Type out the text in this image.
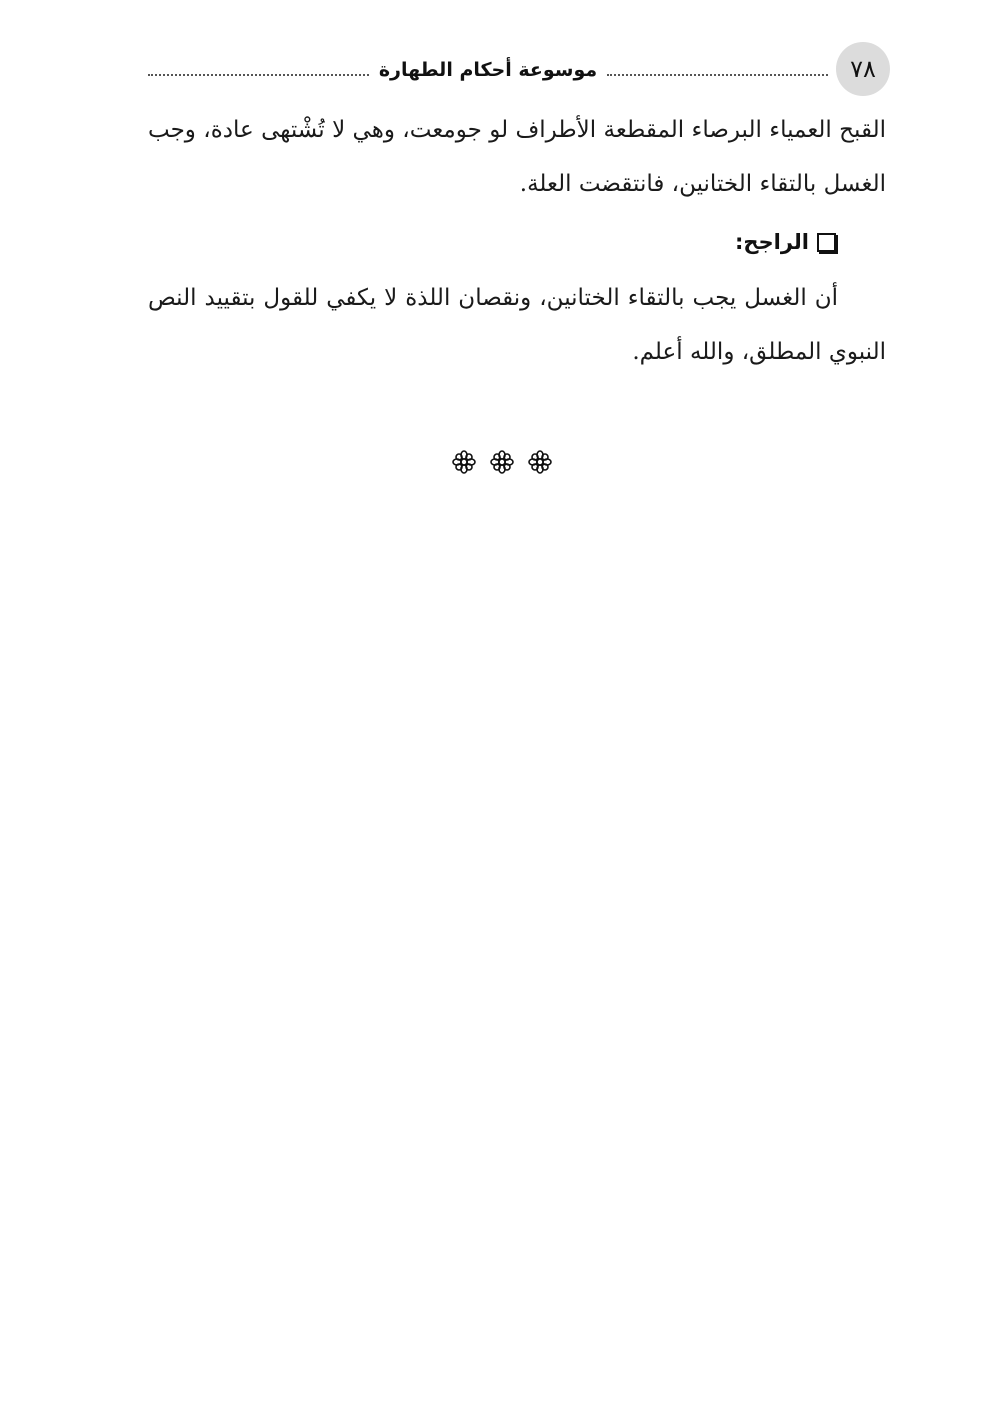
٧٨
موسوعة أحكام الطهارة

القبح العمياء البرصاء المقطعة الأطراف لو جومعت، وهي لا تُشْتهى عادة، وجب الغسل بالتقاء الختانين، فانتقضت العلة.

الراجح:

أن الغسل يجب بالتقاء الختانين، ونقصان اللذة لا يكفي للقول بتقييد النص النبوي المطلق، والله أعلم.
